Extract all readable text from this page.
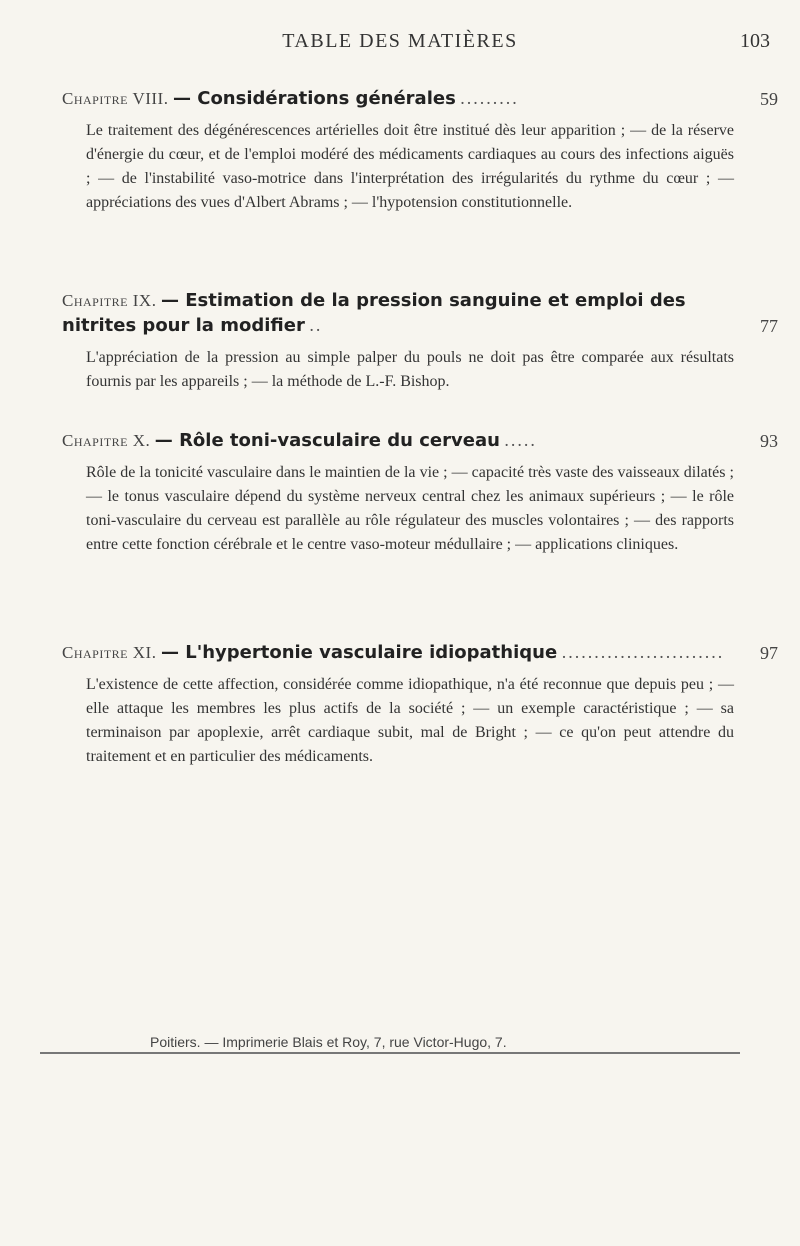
TABLE DES MATIÈRES	103
Chapitre VIII. — Considérations générales .........	59
Le traitement des dégénérescences artérielles doit être institué dès leur apparition ; — de la réserve d'énergie du cœur, et de l'emploi modéré des médicaments cardiaques au cours des infections aiguës ; — de l'instabilité vaso-motrice dans l'interprétation des irrégularités du rythme du cœur ; — appréciations des vues d'Albert Abrams ; — l'hypotension constitutionnelle.
Chapitre IX. — Estimation de la pression sanguine et emploi des nitrites pour la modifier ..	77
L'appréciation de la pression au simple palper du pouls ne doit pas être comparée aux résultats fournis par les appareils ; — la méthode de L.-F. Bishop.
Chapitre X. — Rôle toni-vasculaire du cerveau .....	93
Rôle de la tonicité vasculaire dans le maintien de la vie ; — capacité très vaste des vaisseaux dilatés ; — le tonus vasculaire dépend du système nerveux central chez les animaux supérieurs ; — le rôle toni-vasculaire du cerveau est parallèle au rôle régulateur des muscles volontaires ; — des rapports entre cette fonction cérébrale et le centre vaso-moteur médullaire ; — applications cliniques.
Chapitre XI. — L'hypertonie vasculaire idiopathique ......................... 97
L'existence de cette affection, considérée comme idiopathique, n'a été reconnue que depuis peu ; — elle attaque les membres les plus actifs de la société ; — un exemple caractéristique ; — sa terminaison par apoplexie, arrêt cardiaque subit, mal de Bright ; — ce qu'on peut attendre du traitement et en particulier des médicaments.
Poitiers. — Imprimerie Blais et Roy, 7, rue Victor-Hugo, 7.
